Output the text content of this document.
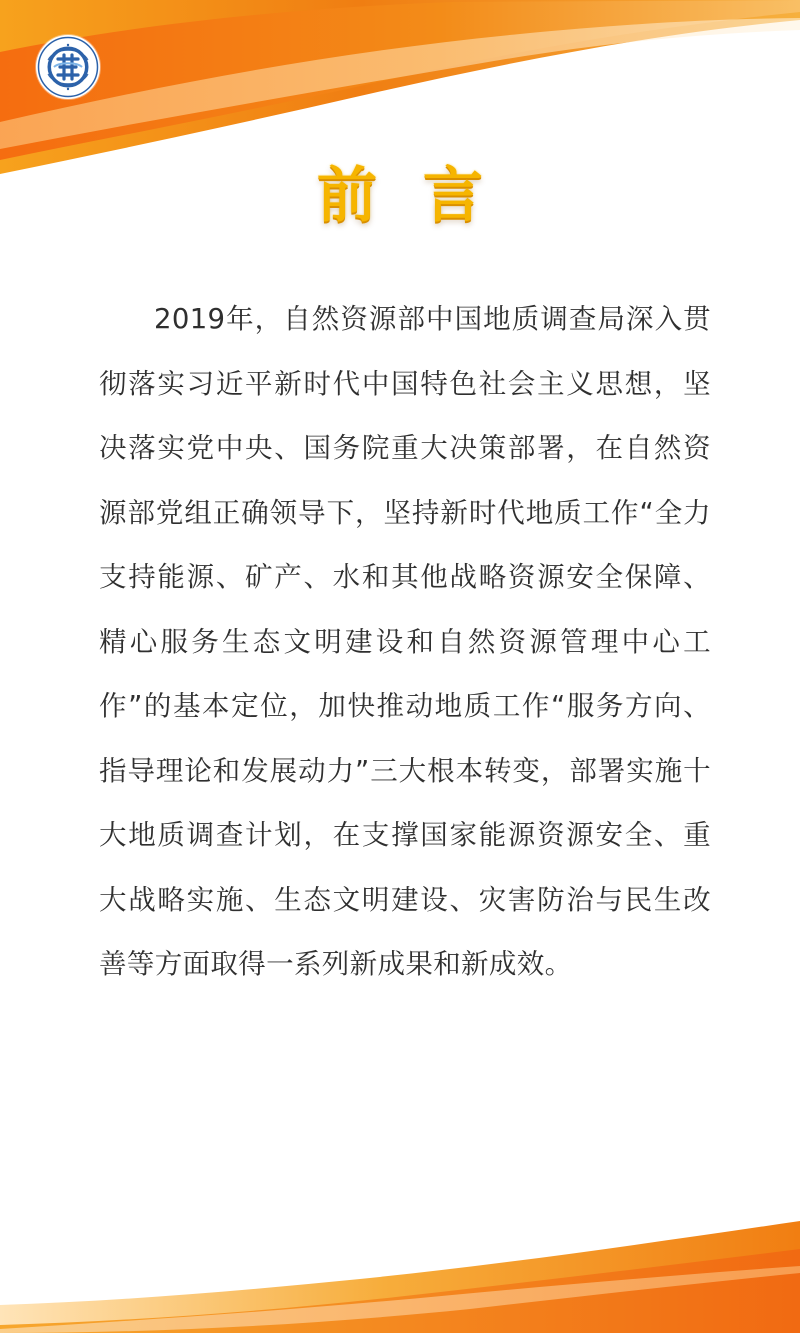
前言
2019年，自然资源部中国地质调查局深入贯彻落实习近平新时代中国特色社会主义思想，坚决落实党中央、国务院重大决策部署，在自然资源部党组正确领导下，坚持新时代地质工作“全力支持能源、矿产、水和其他战略资源安全保障、精心服务生态文明建设和自然资源管理中心工作”的基本定位，加快推动地质工作“服务方向、指导理论和发展动力”三大根本转变，部署实施十大地质调查计划，在支撑国家能源资源安全、重大战略实施、生态文明建设、灾害防治与民生改善等方面取得一系列新成果和新成效。
